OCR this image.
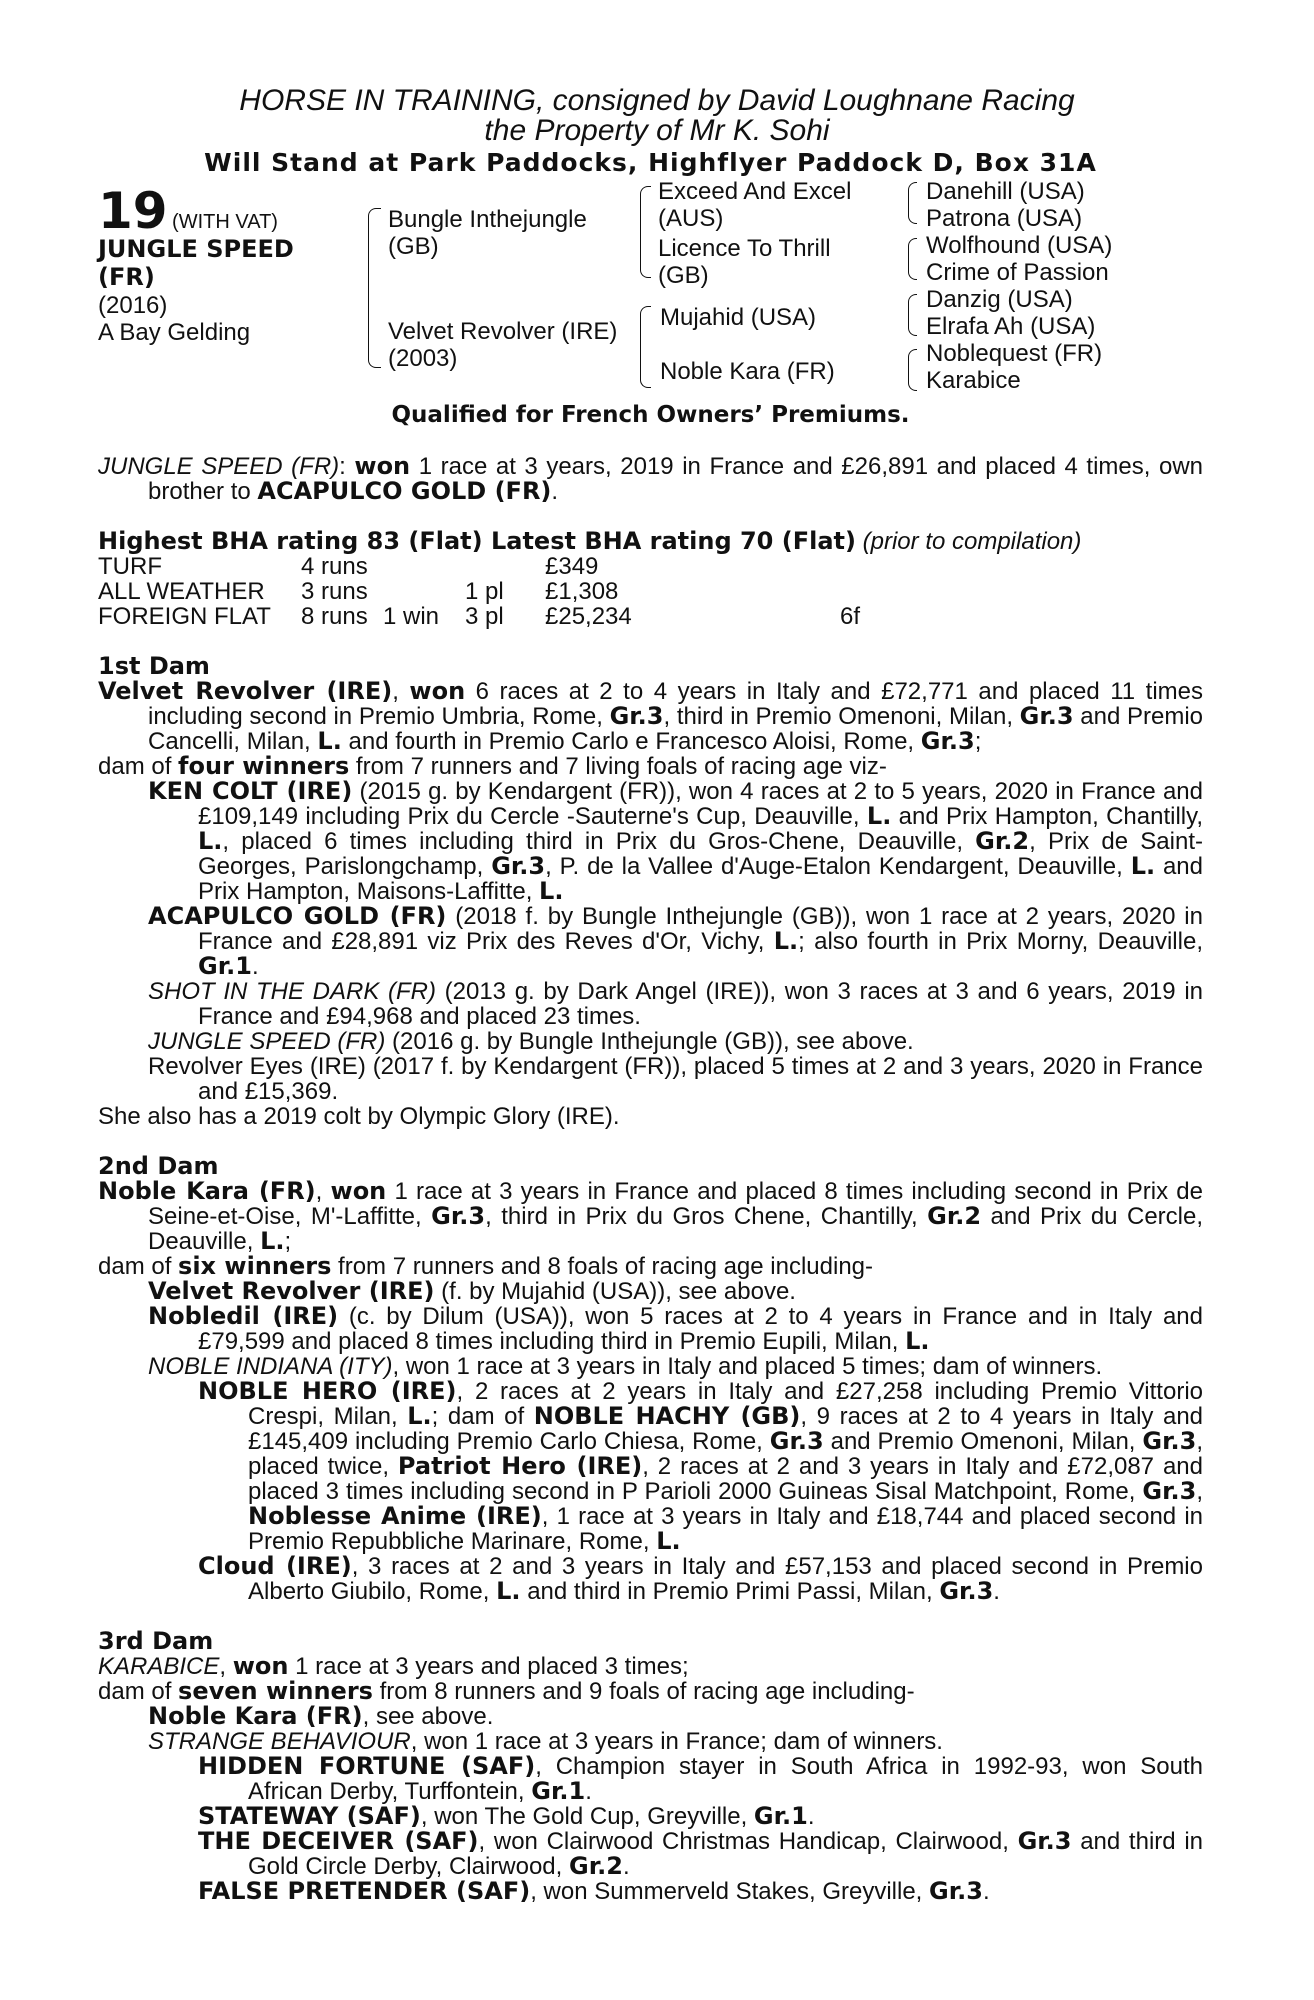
HORSE IN TRAINING, consigned by David Loughnane Racing
the Property of Mr K. Sohi
Will Stand at Park Paddocks, Highflyer Paddock D, Box 31A
19 (WITH VAT)
JUNGLE SPEED
(FR)
(2016)
A Bay Gelding
Bungle Inthejungle
(GB)
Velvet Revolver (IRE)
(2003)
Exceed And Excel
(AUS)
Licence To Thrill
(GB)
Mujahid (USA)
Noble Kara (FR)
Danehill (USA)
Patrona (USA)
Wolfhound (USA)
Crime of Passion
Danzig (USA)
Elrafa Ah (USA)
Noblequest (FR)
Karabice
Qualified for French Owners’ Premiums.

JUNGLE SPEED (FR): won 1 race at 3 years, 2019 in France and £26,891 and placed 4 times, own brother to ACAPULCO GOLD (FR).

Highest BHA rating 83 (Flat) Latest BHA rating 70 (Flat) (prior to compilation)

TURF	4 runs			£349	
ALL WEATHER	3 runs		1 pl	£1,308	
FOREIGN FLAT	8 runs	1 win	3 pl	£25,234	6f

1st Dam

Velvet Revolver (IRE), won 6 races at 2 to 4 years in Italy and £72,771 and placed 11 times including second in Premio Umbria, Rome, Gr.3, third in Premio Omenoni, Milan, Gr.3 and Premio Cancelli, Milan, L. and fourth in Premio Carlo e Francesco Aloisi, Rome, Gr.3;

dam of four winners from 7 runners and 7 living foals of racing age viz-

KEN COLT (IRE) (2015 g. by Kendargent (FR)), won 4 races at 2 to 5 years, 2020 in France and £109,149 including Prix du Cercle -Sauterne's Cup, Deauville, L. and Prix Hampton, Chantilly, L., placed 6 times including third in Prix du Gros-Chene, Deauville, Gr.2, Prix de Saint-Georges, Parislongchamp, Gr.3, P. de la Vallee d'Auge-Etalon Kendargent, Deauville, L. and Prix Hampton, Maisons-Laffitte, L.

ACAPULCO GOLD (FR) (2018 f. by Bungle Inthejungle (GB)), won 1 race at 2 years, 2020 in France and £28,891 viz Prix des Reves d'Or, Vichy, L.; also fourth in Prix Morny, Deauville, Gr.1.

SHOT IN THE DARK (FR) (2013 g. by Dark Angel (IRE)), won 3 races at 3 and 6 years, 2019 in France and £94,968 and placed 23 times.

JUNGLE SPEED (FR) (2016 g. by Bungle Inthejungle (GB)), see above.

Revolver Eyes (IRE) (2017 f. by Kendargent (FR)), placed 5 times at 2 and 3 years, 2020 in France and £15,369.

She also has a 2019 colt by Olympic Glory (IRE).

2nd Dam

Noble Kara (FR), won 1 race at 3 years in France and placed 8 times including second in Prix de Seine-et-Oise, M'-Laffitte, Gr.3, third in Prix du Gros Chene, Chantilly, Gr.2 and Prix du Cercle, Deauville, L.;

dam of six winners from 7 runners and 8 foals of racing age including-

Velvet Revolver (IRE) (f. by Mujahid (USA)), see above.

Nobledil (IRE) (c. by Dilum (USA)), won 5 races at 2 to 4 years in France and in Italy and £79,599 and placed 8 times including third in Premio Eupili, Milan, L.

NOBLE INDIANA (ITY), won 1 race at 3 years in Italy and placed 5 times; dam of winners.

NOBLE HERO (IRE), 2 races at 2 years in Italy and £27,258 including Premio Vittorio Crespi, Milan, L.; dam of NOBLE HACHY (GB), 9 races at 2 to 4 years in Italy and £145,409 including Premio Carlo Chiesa, Rome, Gr.3 and Premio Omenoni, Milan, Gr.3, placed twice, Patriot Hero (IRE), 2 races at 2 and 3 years in Italy and £72,087 and placed 3 times including second in P Parioli 2000 Guineas Sisal Matchpoint, Rome, Gr.3, Noblesse Anime (IRE), 1 race at 3 years in Italy and £18,744 and placed second in Premio Repubbliche Marinare, Rome, L.

Cloud (IRE), 3 races at 2 and 3 years in Italy and £57,153 and placed second in Premio Alberto Giubilo, Rome, L. and third in Premio Primi Passi, Milan, Gr.3.

3rd Dam

KARABICE, won 1 race at 3 years and placed 3 times;

dam of seven winners from 8 runners and 9 foals of racing age including-

Noble Kara (FR), see above.

STRANGE BEHAVIOUR, won 1 race at 3 years in France; dam of winners.

HIDDEN FORTUNE (SAF), Champion stayer in South Africa in 1992-93, won South African Derby, Turffontein, Gr.1.

STATEWAY (SAF), won The Gold Cup, Greyville, Gr.1.

THE DECEIVER (SAF), won Clairwood Christmas Handicap, Clairwood, Gr.3 and third in Gold Circle Derby, Clairwood, Gr.2.

FALSE PRETENDER (SAF), won Summerveld Stakes, Greyville, Gr.3.
